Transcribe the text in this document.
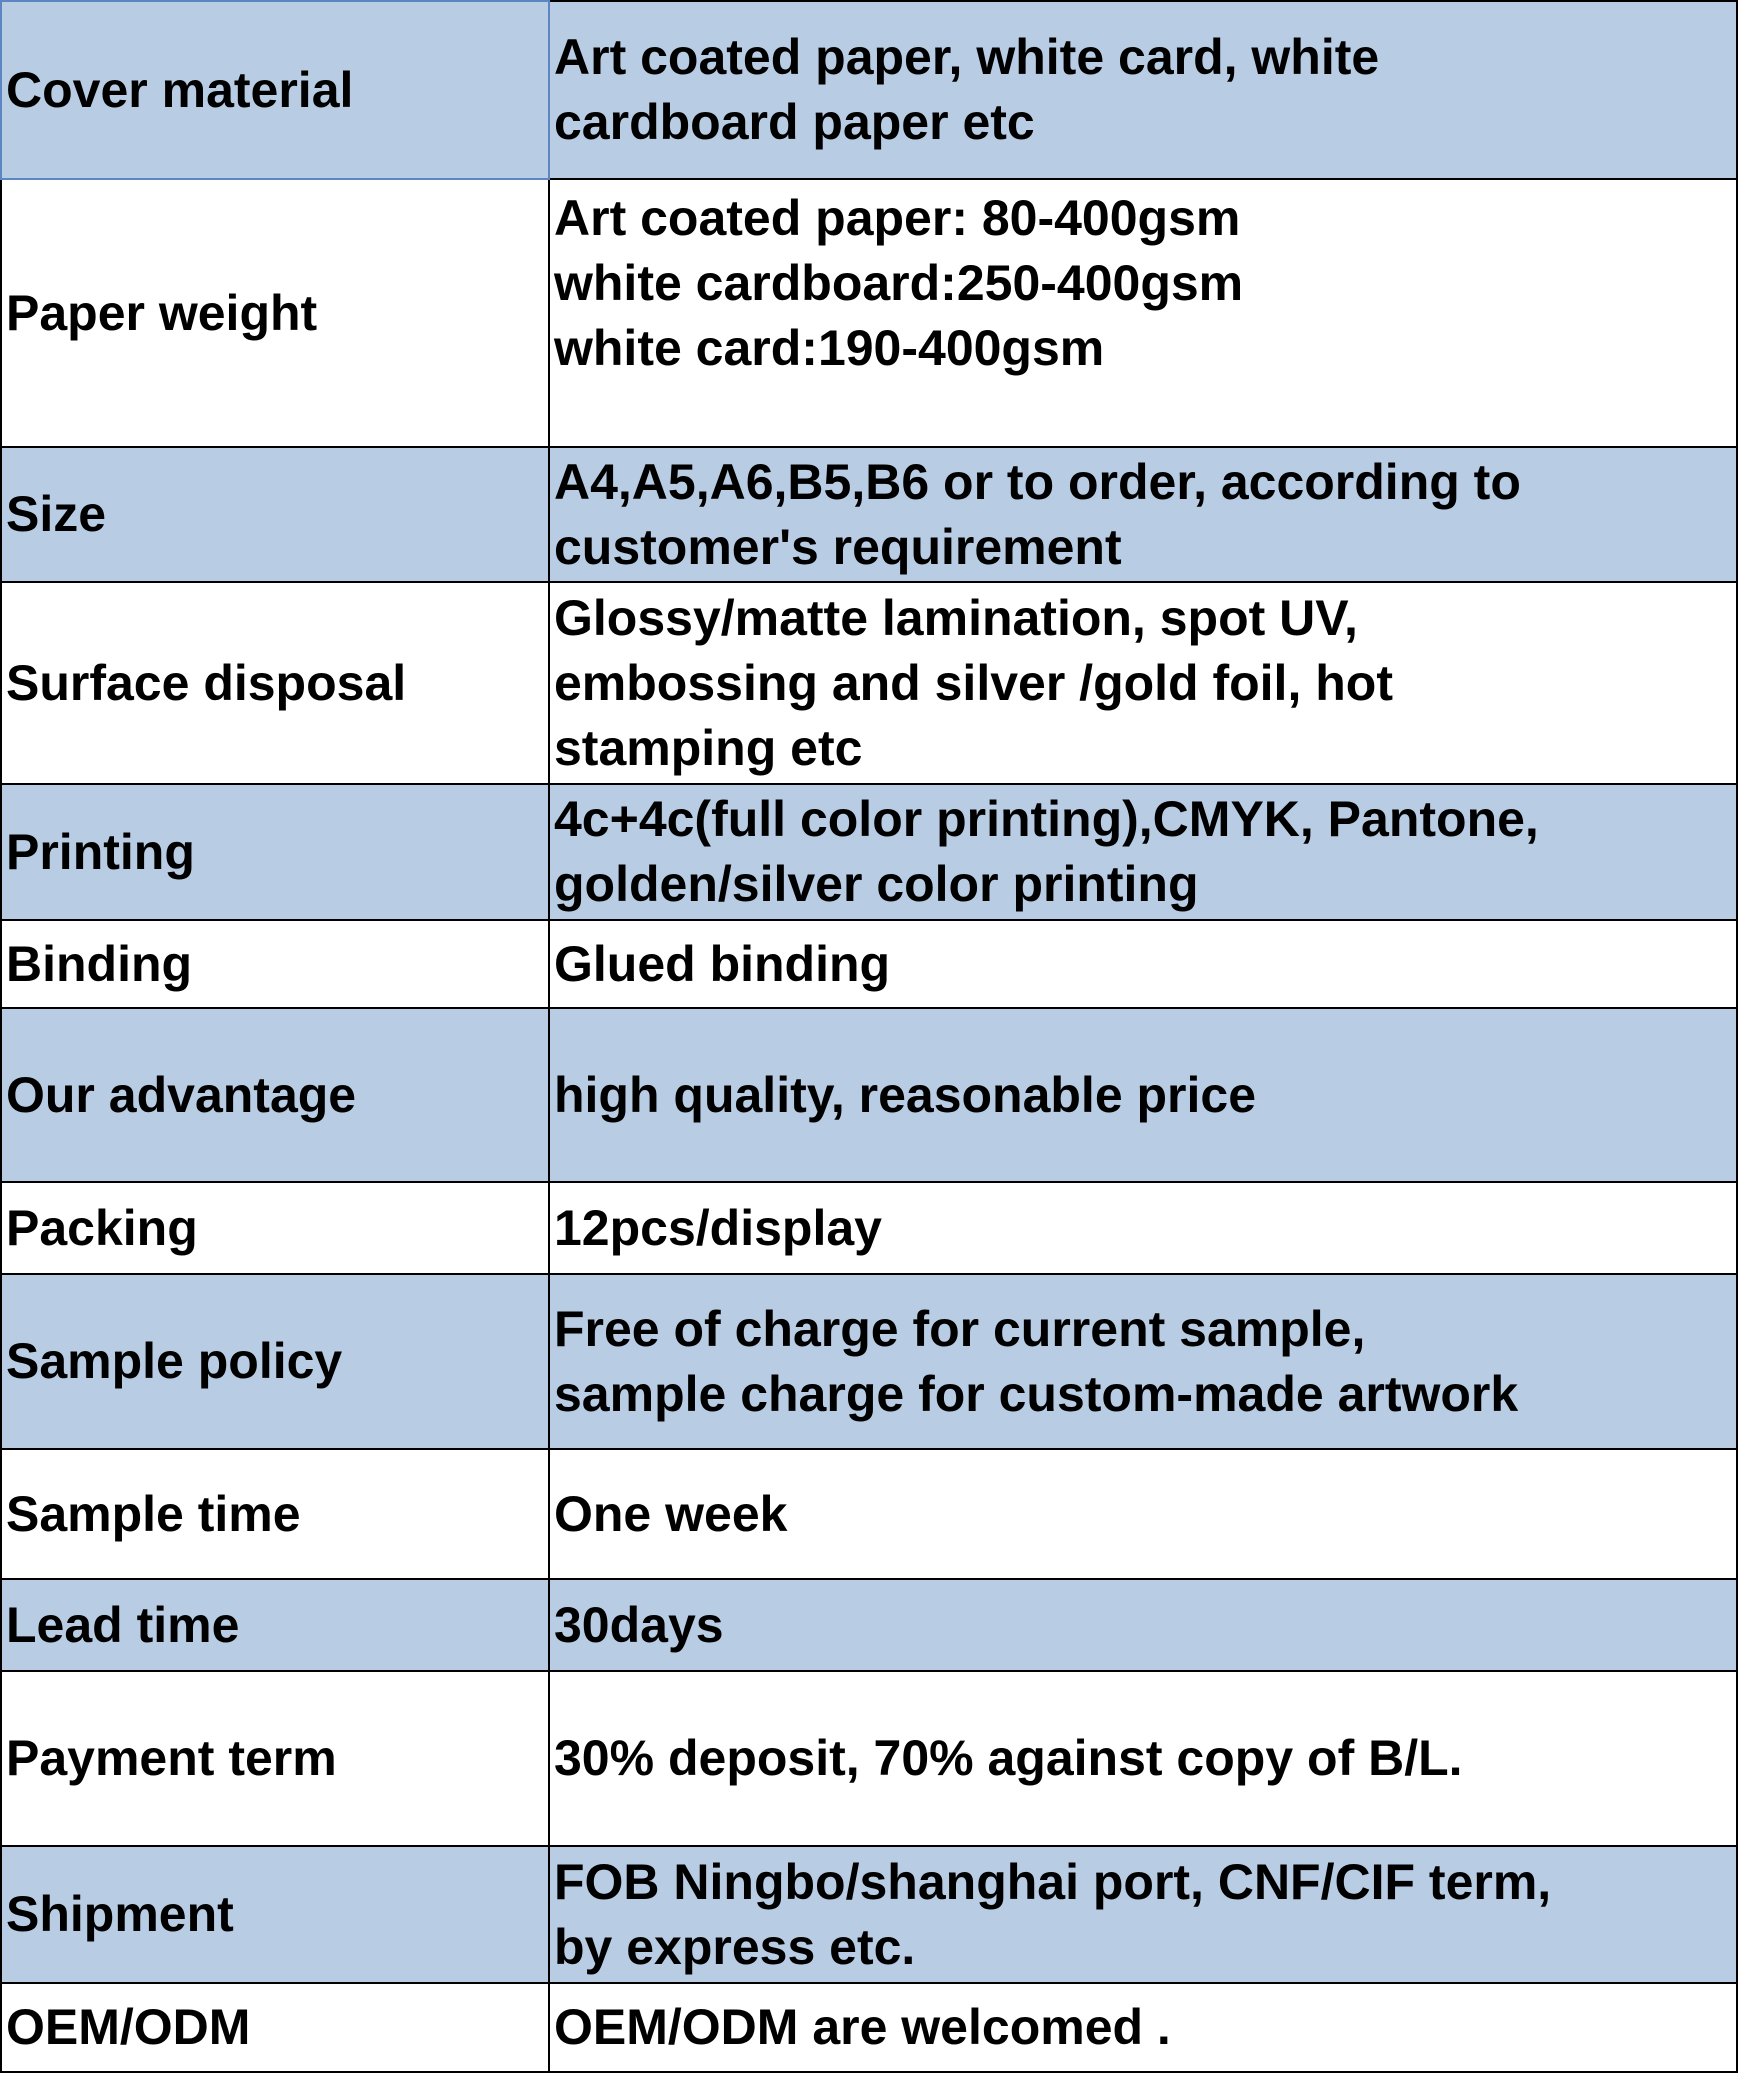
Cover material	Art coated paper, white card, white
cardboard paper etc
Paper weight	Art coated paper: 80-400gsm
white cardboard:250-400gsm
white card:190-400gsm
Size	A4,A5,A6,B5,B6 or to order, according to
customer's requirement
Surface disposal	Glossy/matte lamination, spot UV,
embossing and silver /gold foil, hot
stamping etc
Printing	4c+4c(full color printing),CMYK, Pantone,
golden/silver color printing
Binding	Glued binding
Our advantage	high quality, reasonable price
Packing	12pcs/display
Sample policy	Free of charge for current sample,
sample charge for custom-made artwork
Sample time	One week
Lead time	30days
Payment term	30% deposit, 70% against copy of B/L.
Shipment	FOB Ningbo/shanghai port, CNF/CIF term,
by express etc.
OEM/ODM	OEM/ODM are welcomed .
